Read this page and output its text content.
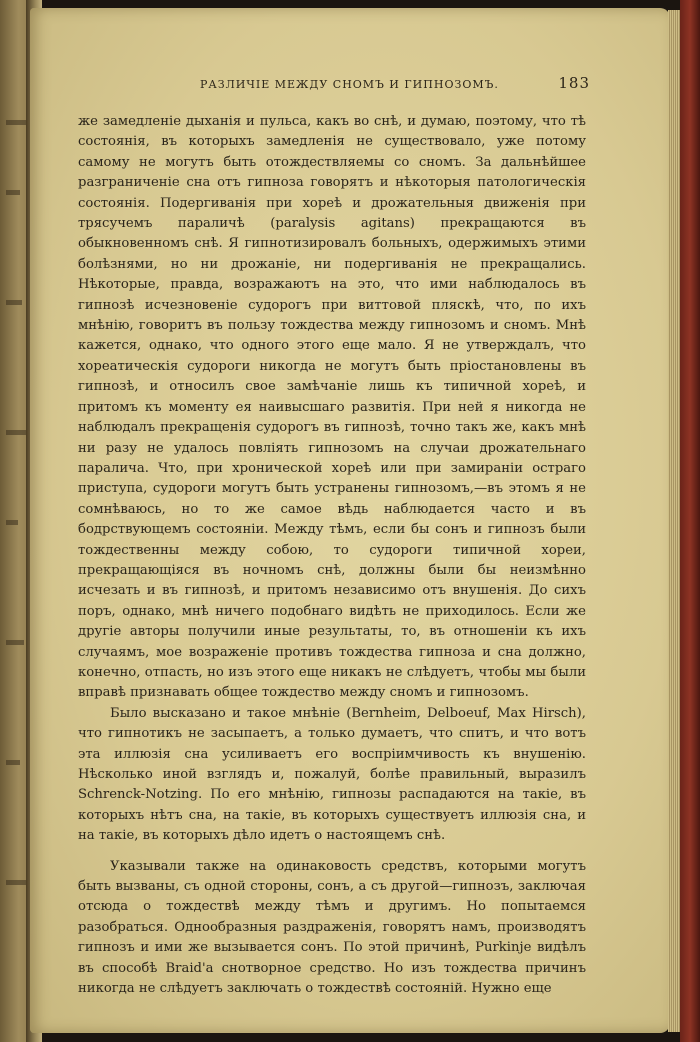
РАЗЛИЧІЕ МЕЖДУ СНОМЪ И ГИПНОЗОМЪ.	183

же замедленіе дыханія и пульса, какъ во снѣ, и думаю, поэтому, что тѣ состоянія, въ которыхъ замедленія не существовало, уже потому самому не могутъ быть отождествляемы со сномъ. За дальнѣйшее разграниченіе сна отъ гипноза говорятъ и нѣкоторыя патологическія состоянія. Подергиванія при хореѣ и дрожательныя движенія при трясучемъ параличѣ (paralysis agitans) прекращаются въ обыкновенномъ снѣ. Я гипнотизировалъ больныхъ, одержимыхъ этими болѣзнями, но ни дрожаніе, ни подергиванія не прекращались. Нѣкоторые, правда, возражаютъ на это, что ими наблюдалось въ гипнозѣ исчезновеніе судорогъ при виттовой пляскѣ, что, по ихъ мнѣнію, говоритъ въ пользу тождества между гипнозомъ и сномъ. Мнѣ кажется, однако, что одного этого еще мало. Я не утверждалъ, что хореатическія судороги никогда не могутъ быть пріостановлены въ гипнозѣ, и относилъ свое замѣчаніе лишь къ типичной хореѣ, и притомъ къ моменту ея наивысшаго развитія. При ней я никогда не наблюдалъ прекращенія судорогъ въ гипнозѣ, точно такъ же, какъ мнѣ ни разу не удалось повліять гипнозомъ на случаи дрожательнаго паралича. Что, при хронической хореѣ или при замираніи остраго приступа, судороги могутъ быть устранены гипнозомъ,—въ этомъ я не сомнѣваюсь, но то же самое вѣдь наблюдается часто и въ бодрствующемъ состояніи. Между тѣмъ, если бы сонъ и гипнозъ были тождественны между собою, то судороги типичной хореи, прекращающіяся въ ночномъ снѣ, должны были бы неизмѣнно исчезать и въ гипнозѣ, и притомъ независимо отъ внушенія. До сихъ поръ, однако, мнѣ ничего подобнаго видѣть не приходилось. Если же другіе авторы получили иные результаты, то, въ отношеніи къ ихъ случаямъ, мое возраженіе противъ тождества гипноза и сна должно, конечно, отпасть, но изъ этого еще никакъ не слѣдуетъ, чтобы мы были вправѣ признавать общее тождество между сномъ и гипнозомъ.

Было высказано и такое мнѣніе (Bernheim, Delboeuf, Max Hirsch), что гипнотикъ не засыпаетъ, а только думаетъ, что спитъ, и что вотъ эта иллюзія сна усиливаетъ его воспріимчивость къ внушенію. Нѣсколько иной взглядъ и, пожалуй, болѣе правильный, выразилъ Schrenck-Notzing. По его мнѣнію, гипнозы распадаются на такіе, въ которыхъ нѣтъ сна, на такіе, въ которыхъ существуетъ иллюзія сна, и на такіе, въ которыхъ дѣло идетъ о настоящемъ снѣ.

Указывали также на одинаковость средствъ, которыми могутъ быть вызваны, съ одной стороны, сонъ, а съ другой—гипнозъ, заключая отсюда о тождествѣ между тѣмъ и другимъ. Но попытаемся разобраться. Однообразныя раздраженія, говорятъ намъ, производятъ гипнозъ и ими же вызывается сонъ. По этой причинѣ, Purkinje видѣлъ въ способѣ Braid'а снотворное средство. Но изъ тождества причинъ никогда не слѣдуетъ заключать о тождествѣ состояній. Нужно еще
